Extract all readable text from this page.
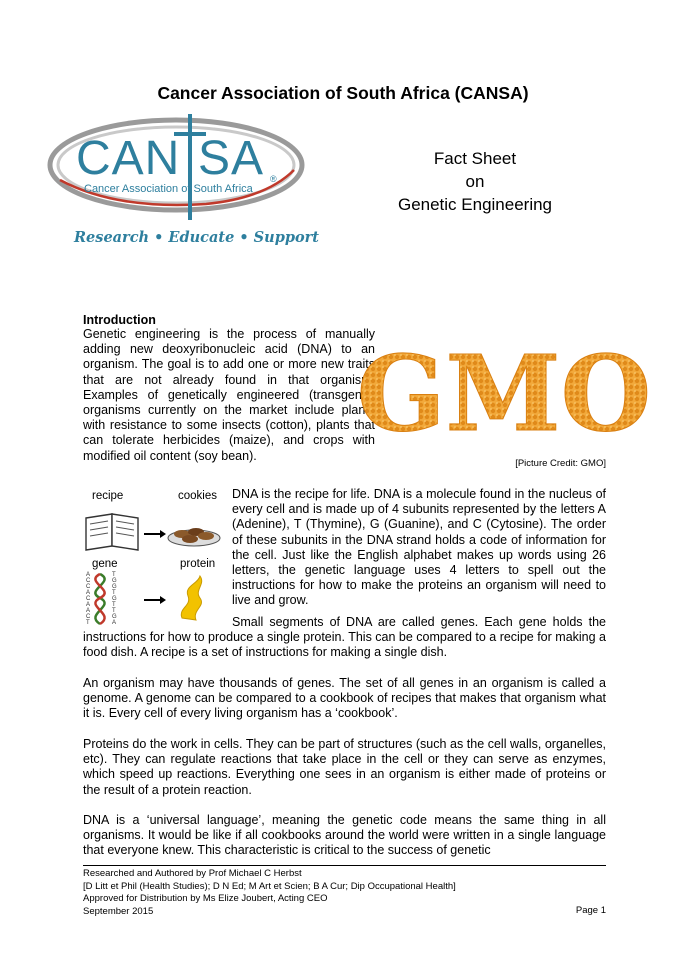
Cancer Association of South Africa (CANSA)
CAN SA ®
Cancer Association of South Africa
Research • Educate • Support
Fact Sheet
on
Genetic Engineering
Introduction
Genetic engineering is the process of manually adding new deoxyribonucleic acid (DNA) to an organism. The goal is to add one or more new traits that are not already found in that organism. Examples of genetically engineered (transgenic) organisms currently on the market include plants with resistance to some insects (cotton), plants that can tolerate herbicides (maize), and crops with modified oil content (soy bean).
GMO
[Picture Credit: GMO]
recipe	cookies
gene	protein
A
C
C
A
C
A
A
C
T
T
G
G
T
G
T
T
G
A
DNA is the recipe for life. DNA is a molecule found in the nucleus of every cell and is made up of 4 subunits represented by the letters A (Adenine), T (Thymine), G (Guanine), and C (Cytosine). The order of these subunits in the DNA strand holds a code of information for the cell. Just like the English alphabet makes up words using 26 letters, the genetic language uses 4 letters to spell out the instructions for how to make the proteins an organism will need to live and grow.
Small segments of DNA are called genes. Each gene holds the instructions for how to produce a single protein. This can be compared to a recipe for making a food dish. A recipe is a set of instructions for making a single dish.
An organism may have thousands of genes. The set of all genes in an organism is called a genome. A genome can be compared to a cookbook of recipes that makes that organism what it is. Every cell of every living organism has a ‘cookbook’.
Proteins do the work in cells. They can be part of structures (such as the cell walls, organelles, etc). They can regulate reactions that take place in the cell or they can serve as enzymes, which speed up reactions. Everything one sees in an organism is either made of proteins or the result of a protein reaction.
DNA is a ‘universal language’, meaning the genetic code means the same thing in all organisms. It would be like if all cookbooks around the world were written in a single language that everyone knew. This characteristic is critical to the success of genetic
Researched and Authored by Prof Michael C Herbst
[D Litt et Phil (Health Studies); D N Ed; M Art et Scien; B A Cur; Dip Occupational Health]
Approved for Distribution by Ms Elize Joubert, Acting CEO
September 2015	Page 1
